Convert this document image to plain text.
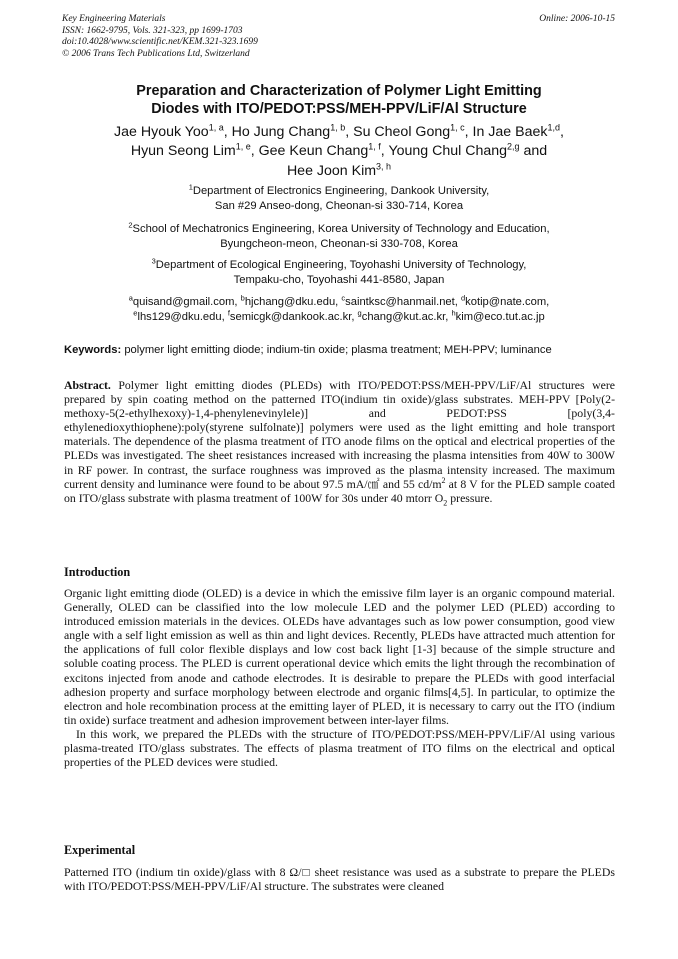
Key Engineering Materials
ISSN: 1662-9795, Vols. 321-323, pp 1699-1703
doi:10.4028/www.scientific.net/KEM.321-323.1699
© 2006 Trans Tech Publications Ltd, Switzerland
Online: 2006-10-15
Preparation and Characterization of Polymer Light Emitting
Diodes with ITO/PEDOT:PSS/MEH-PPV/LiF/Al Structure
Jae Hyouk Yoo$^{1, a}$, Ho Jung Chang$^{1, b}$, Su Cheol Gong$^{1, c}$, In Jae Baek$^{1,d}$,
Hyun Seong Lim$^{1, e}$, Gee Keun Chang$^{1, f}$, Young Chul Chang$^{2,g}$ and
Hee Joon Kim$^{3, h}$
$^1$Department of Electronics Engineering, Dankook University,
San #29 Anseo-dong, Cheonan-si 330-714, Korea
$^2$School of Mechatronics Engineering, Korea University of Technology and Education,
Byungcheon-meon, Cheonan-si 330-708, Korea
$^3$Department of Ecological Engineering, Toyohashi University of Technology,
Tempaku-cho, Toyohashi 441-8580, Japan
$^a$quisand@gmail.com, $^b$hjchang@dku.edu, $^c$saintksc@hanmail.net, $^d$kotip@nate.com,
$^e$lhs129@dku.edu, $^f$semicgk@dankook.ac.kr, $^g$chang@kut.ac.kr, $^h$kim@eco.tut.ac.jp
Keywords: polymer light emitting diode; indium-tin oxide; plasma treatment; MEH-PPV; luminance
Abstract. Polymer light emitting diodes (PLEDs) with ITO/PEDOT:PSS/MEH-PPV/LiF/Al structures were prepared by spin coating method on the patterned ITO(indium tin oxide)/glass substrates. MEH-PPV [Poly(2-methoxy-5(2-ethylhexoxy)-1,4-phenylenevinylele)] and PEDOT:PSS [poly(3,4-ethylenedioxythiophene):poly(styrene sulfolnate)] polymers were used as the light emitting and hole transport materials. The dependence of the plasma treatment of ITO anode films on the optical and electrical properties of the PLEDs was investigated. The sheet resistances increased with increasing the plasma intensities from 40W to 300W in RF power. In contrast, the surface roughness was improved as the plasma intensity increased. The maximum current density and luminance were found to be about 97.5 mA/㎠ and 55 $cd/m^2$ at 8 V for the PLED sample coated on ITO/glass substrate with plasma treatment of 100W for 30s under 40 mtorr $O_2$ pressure.
Introduction

Organic light emitting diode (OLED) is a device in which the emissive film layer is an organic compound material. Generally, OLED can be classified into the low molecule LED and the polymer LED (PLED) according to introduced emission materials in the devices. OLEDs have advantages such as low power consumption, good view angle with a self light emission as well as thin and light devices. Recently, PLEDs have attracted much attention for the applications of full color flexible displays and low cost back light [1-3] because of the simple structure and soluble coating process. The PLED is current operational device which emits the light through the recombination of excitons injected from anode and cathode electrodes. It is desirable to prepare the PLEDs with good interfacial adhesion property and surface morphology between electrode and organic films[4,5]. In particular, to optimize the electron and hole recombination process at the emitting layer of PLED, it is necessary to carry out the ITO (indium tin oxide) surface treatment and adhesion improvement between inter-layer films.

In this work, we prepared the PLEDs with the structure of ITO/PEDOT:PSS/MEH-PPV/LiF/Al using various plasma-treated ITO/glass substrates. The effects of plasma treatment of ITO films on the electrical and optical properties of the PLED devices were studied.

Experimental
Patterned ITO (indium tin oxide)/glass with 8 Ω/□ sheet resistance was used as a substrate to prepare the PLEDs with ITO/PEDOT:PSS/MEH-PPV/LiF/Al structure. The substrates were cleaned
